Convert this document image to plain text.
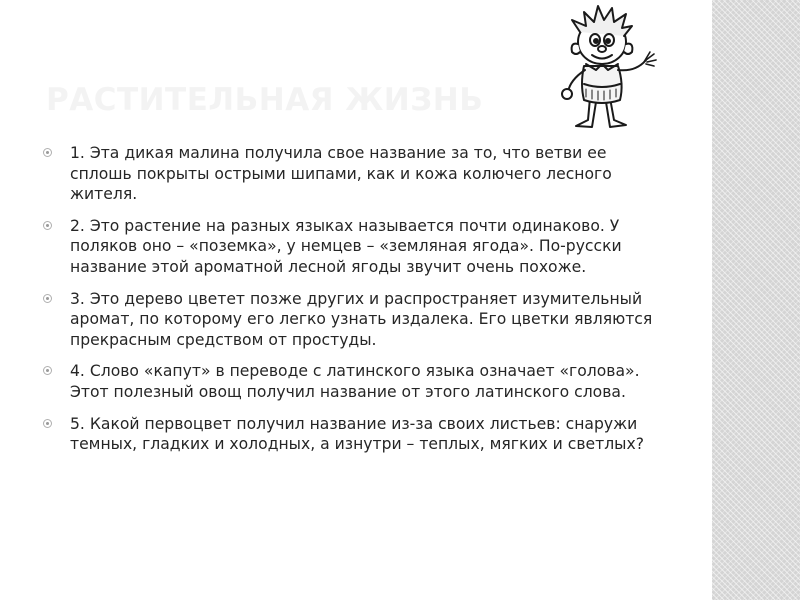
РАСТИТЕЛЬНАЯ ЖИЗНЬ
1. Эта дикая малина получила свое название за то, что ветви ее сплошь покрыты острыми шипами, как и кожа колючего лесного жителя.
2. Это растение на разных языках называется почти одинаково. У поляков оно – «поземка», у немцев – «земляная ягода». По-русски название этой ароматной лесной ягоды звучит очень похоже.
3. Это дерево цветет позже других и распространяет изумительный аромат, по которому его легко узнать издалека. Его цветки являются прекрасным средством от простуды.
4. Слово «капут» в переводе с латинского языка означает «голова». Этот полезный овощ получил название от этого латинского слова.
5. Какой первоцвет получил название из-за своих листьев: снаружи темных, гладких и холодных, а изнутри – теплых, мягких и светлых?
